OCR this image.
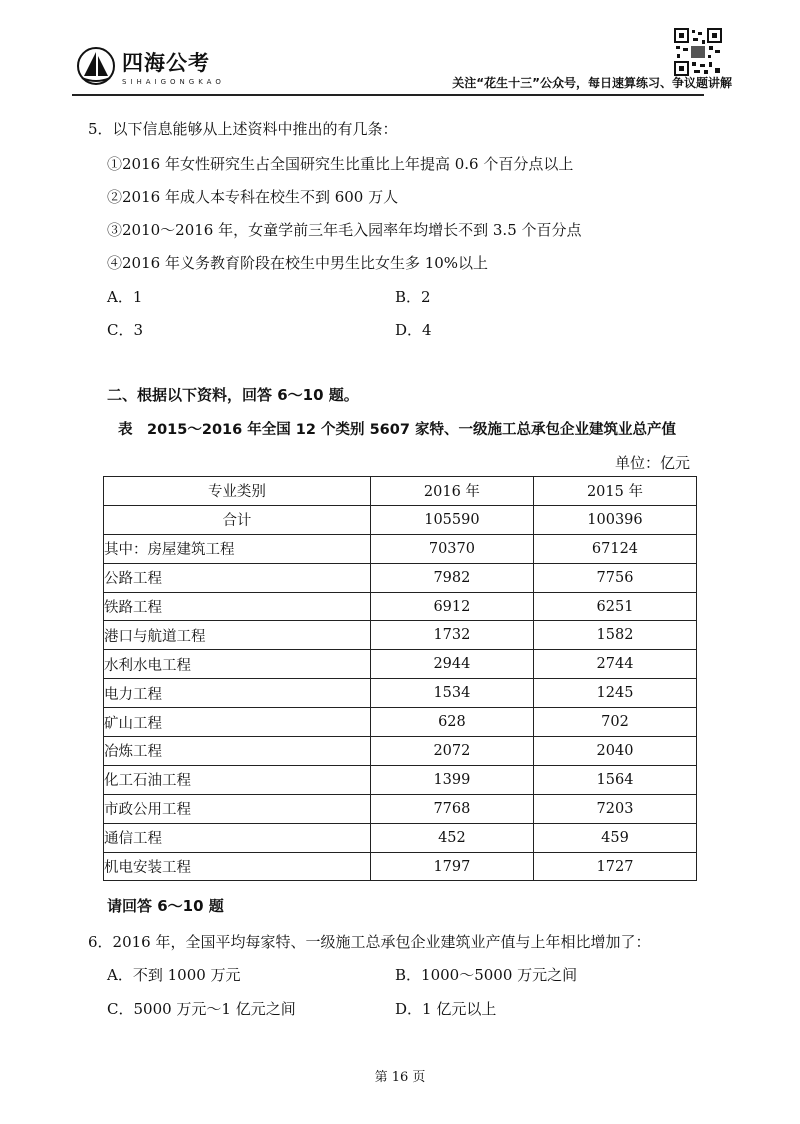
四海公考
SIHAIGONGKAO	关注“花生十三”公众号，每日速算练习、争议题讲解
5．以下信息能够从上述资料中推出的有几条：
①2016 年女性研究生占全国研究生比重比上年提高 0.6 个百分点以上
②2016 年成人本专科在校生不到 600 万人
③2010～2016 年，女童学前三年毛入园率年均增长不到 3.5 个百分点
④2016 年义务教育阶段在校生中男生比女生多 10%以上
A．1	B．2
C．3	D．4
二、根据以下资料，回答 6～10 题。
表　2015～2016 年全国 12 个类别 5607 家特、一级施工总承包企业建筑业总产值
单位：亿元
专业类别	2016 年	2015 年
合计	105590	100396
其中：房屋建筑工程	70370	67124
公路工程	7982	7756
铁路工程	6912	6251
港口与航道工程	1732	1582
水利水电工程	2944	2744
电力工程	1534	1245
矿山工程	628	702
冶炼工程	2072	2040
化工石油工程	1399	1564
市政公用工程	7768	7203
通信工程	452	459
机电安装工程	1797	1727
请回答 6～10 题
6．2016 年，全国平均每家特、一级施工总承包企业建筑业产值与上年相比增加了：
A．不到 1000 万元	B．1000～5000 万元之间
C．5000 万元～1 亿元之间	D．1 亿元以上
第 16 页
